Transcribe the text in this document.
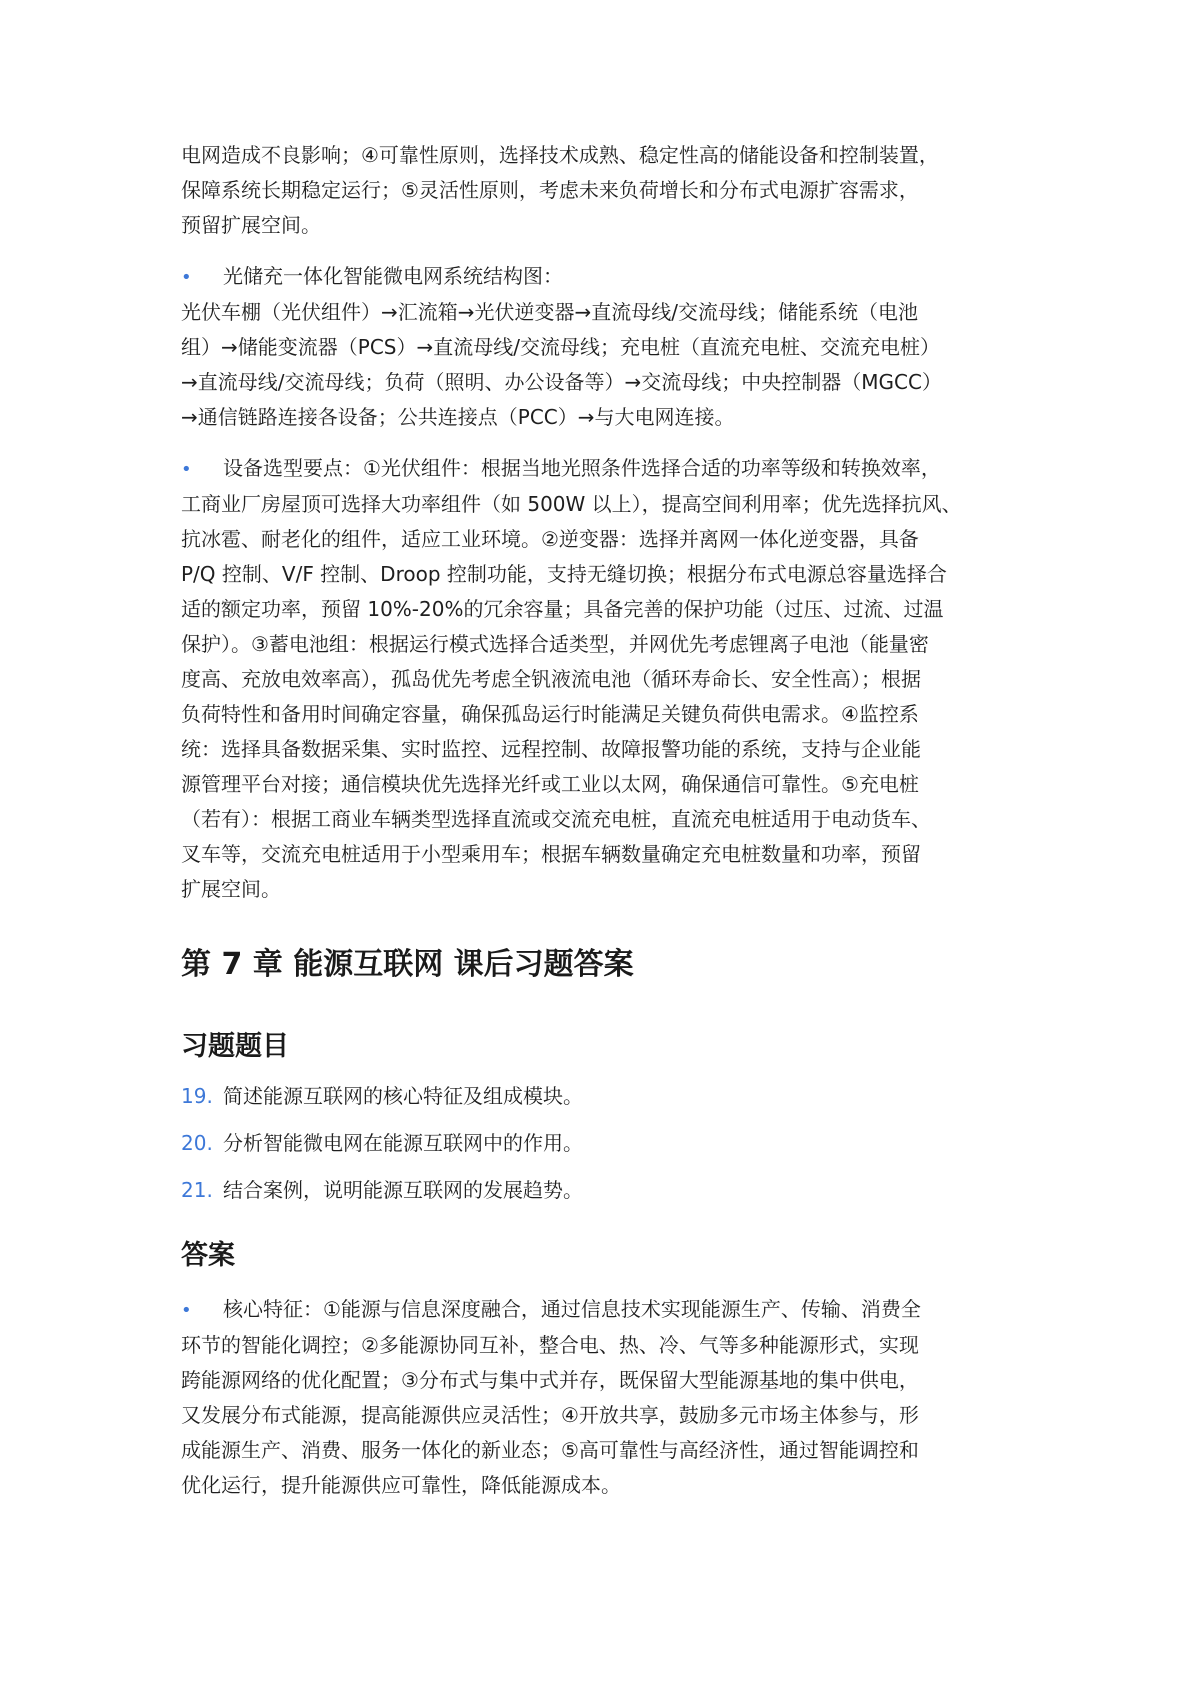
电网造成不良影响；④可靠性原则，选择技术成熟、稳定性高的储能设备和控制装置，
保障系统长期稳定运行；⑤灵活性原则，考虑未来负荷增长和分布式电源扩容需求，
预留扩展空间。

• 光储充一体化智能微电网系统结构图：
光伏车棚（光伏组件）→汇流箱→光伏逆变器→直流母线/交流母线；储能系统（电池
组）→储能变流器（PCS）→直流母线/交流母线；充电桩（直流充电桩、交流充电桩）
→直流母线/交流母线；负荷（照明、办公设备等）→交流母线；中央控制器（MGCC）
→通信链路连接各设备；公共连接点（PCC）→与大电网连接。
• 设备选型要点：①光伏组件：根据当地光照条件选择合适的功率等级和转换效率，
工商业厂房屋顶可选择大功率组件（如 500W 以上），提高空间利用率；优先选择抗风、
抗冰雹、耐老化的组件，适应工业环境。②逆变器：选择并离网一体化逆变器，具备
P/Q 控制、V/F 控制、Droop 控制功能，支持无缝切换；根据分布式电源总容量选择合
适的额定功率，预留 10%-20%的冗余容量；具备完善的保护功能（过压、过流、过温
保护）。③蓄电池组：根据运行模式选择合适类型，并网优先考虑锂离子电池（能量密
度高、充放电效率高），孤岛优先考虑全钒液流电池（循环寿命长、安全性高）；根据
负荷特性和备用时间确定容量，确保孤岛运行时能满足关键负荷供电需求。④监控系
统：选择具备数据采集、实时监控、远程控制、故障报警功能的系统，支持与企业能
源管理平台对接；通信模块优先选择光纤或工业以太网，确保通信可靠性。⑤充电桩
（若有）：根据工商业车辆类型选择直流或交流充电桩，直流充电桩适用于电动货车、
叉车等，交流充电桩适用于小型乘用车；根据车辆数量确定充电桩数量和功率，预留
扩展空间。
第 7 章 能源互联网 课后习题答案
习题题目
19. 简述能源互联网的核心特征及组成模块。
20. 分析智能微电网在能源互联网中的作用。
21. 结合案例，说明能源互联网的发展趋势。
答案
• 核心特征：①能源与信息深度融合，通过信息技术实现能源生产、传输、消费全
环节的智能化调控；②多能源协同互补，整合电、热、冷、气等多种能源形式，实现
跨能源网络的优化配置；③分布式与集中式并存，既保留大型能源基地的集中供电，
又发展分布式能源，提高能源供应灵活性；④开放共享，鼓励多元市场主体参与，形
成能源生产、消费、服务一体化的新业态；⑤高可靠性与高经济性，通过智能调控和
优化运行，提升能源供应可靠性，降低能源成本。
